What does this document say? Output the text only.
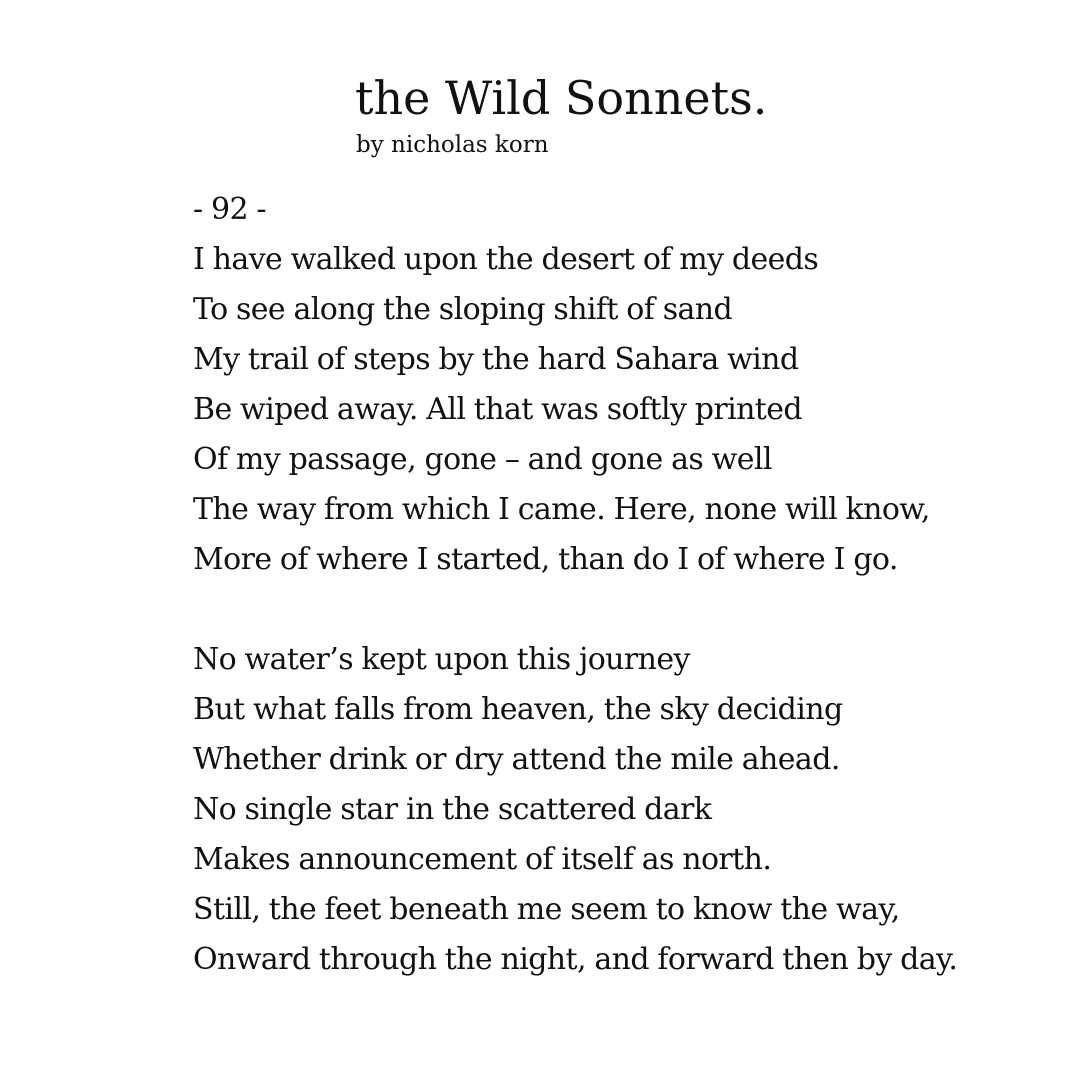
the Wild Sonnets.
by nicholas korn
- 92 -
I have walked upon the desert of my deeds
To see along the sloping shift of sand
My trail of steps by the hard Sahara wind
Be wiped away. All that was softly printed
Of my passage, gone – and gone as well
The way from which I came. Here, none will know,
More of where I started, than do I of where I go.
No water’s kept upon this journey
But what falls from heaven, the sky deciding
Whether drink or dry attend the mile ahead.
No single star in the scattered dark
Makes announcement of itself as north.
Still, the feet beneath me seem to know the way,
Onward through the night, and forward then by day.
